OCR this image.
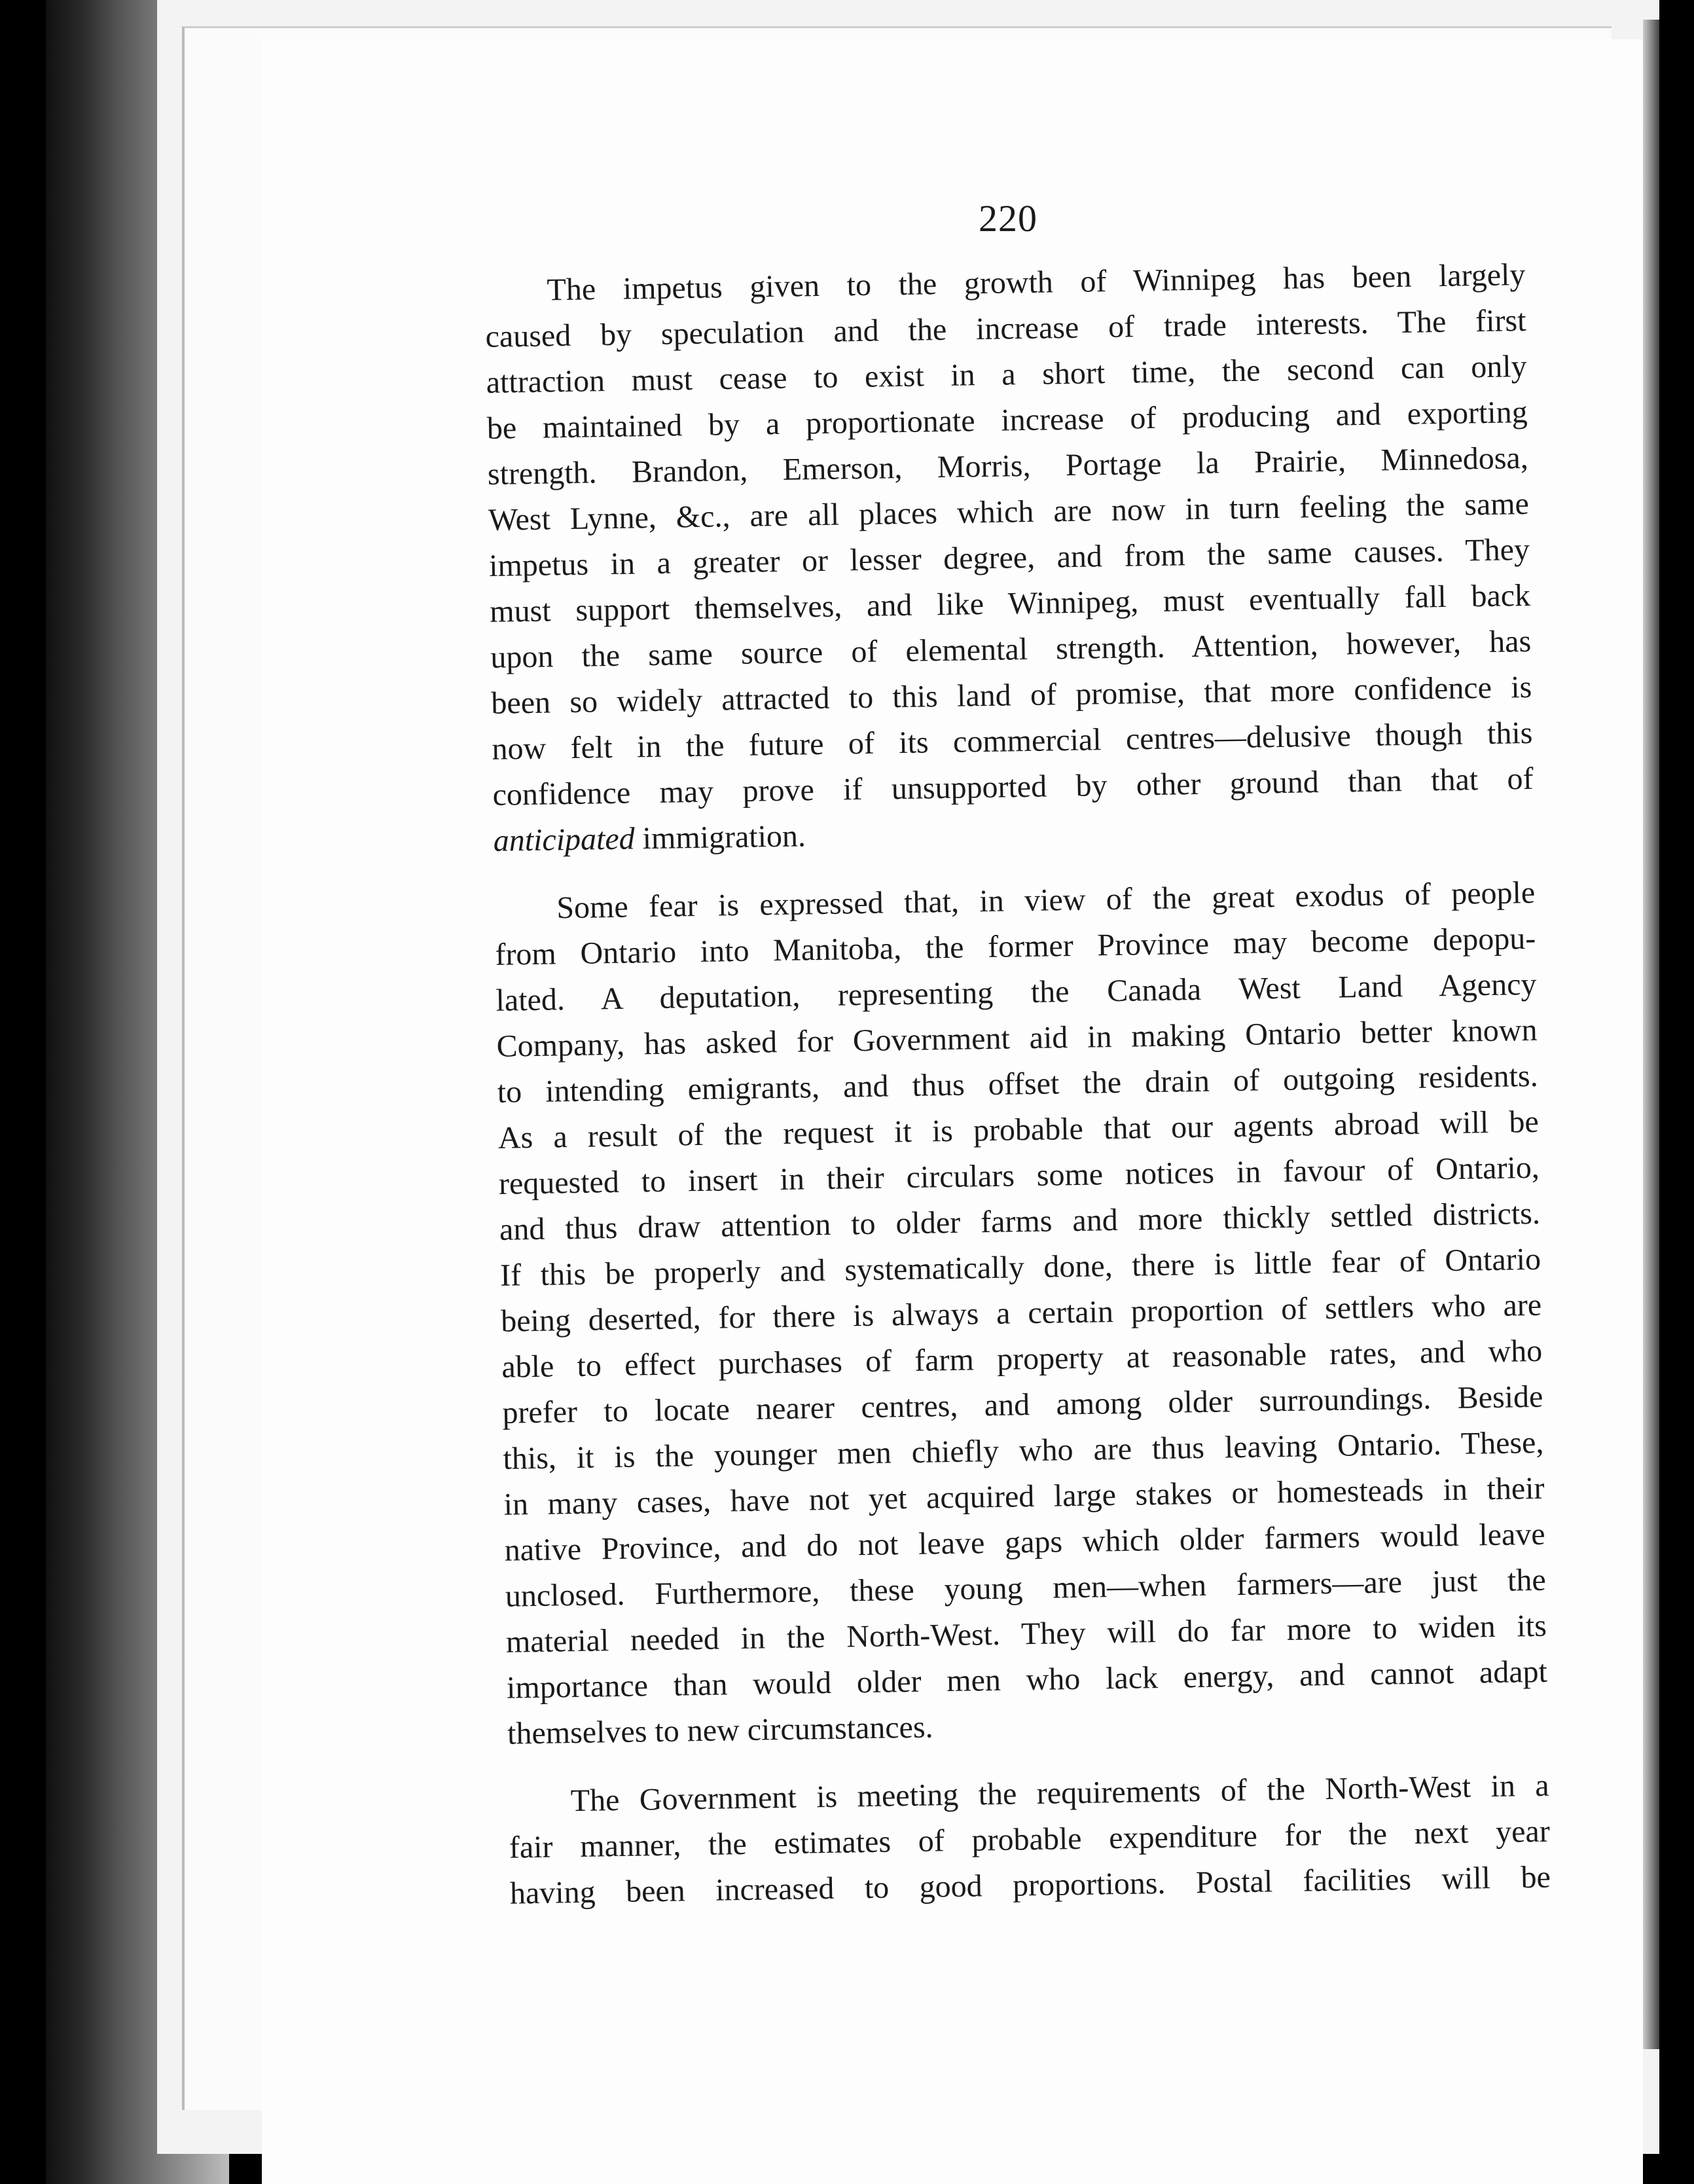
220

The impetus given to the growth of Winnipeg has been largely
caused by speculation and the increase of trade interests. The first
attraction must cease to exist in a short time, the second can only
be maintained by a proportionate increase of producing and exporting
strength. Brandon, Emerson, Morris, Portage la Prairie, Minnedosa,
West Lynne, &c., are all places which are now in turn feeling the same
impetus in a greater or lesser degree, and from the same causes. They
must support themselves, and like Winnipeg, must eventually fall back
upon the same source of elemental strength. Attention, however, has
been so widely attracted to this land of promise, that more confidence is
now felt in the future of its commercial centres—delusive though this
confidence may prove if unsupported by other ground than that of
anticipated immigration.

Some fear is expressed that, in view of the great exodus of people
from Ontario into Manitoba, the former Province may become depopu-
lated. A deputation, representing the Canada West Land Agency
Company, has asked for Government aid in making Ontario better known
to intending emigrants, and thus offset the drain of outgoing residents.
As a result of the request it is probable that our agents abroad will be
requested to insert in their circulars some notices in favour of Ontario,
and thus draw attention to older farms and more thickly settled districts.
If this be properly and systematically done, there is little fear of Ontario
being deserted, for there is always a certain proportion of settlers who are
able to effect purchases of farm property at reasonable rates, and who
prefer to locate nearer centres, and among older surroundings. Beside
this, it is the younger men chiefly who are thus leaving Ontario. These,
in many cases, have not yet acquired large stakes or homesteads in their
native Province, and do not leave gaps which older farmers would leave
unclosed. Furthermore, these young men—when farmers—are just the
material needed in the North-West. They will do far more to widen its
importance than would older men who lack energy, and cannot adapt
themselves to new circumstances.

The Government is meeting the requirements of the North-West in a
fair manner, the estimates of probable expenditure for the next year
having been increased to good proportions. Postal facilities will be
